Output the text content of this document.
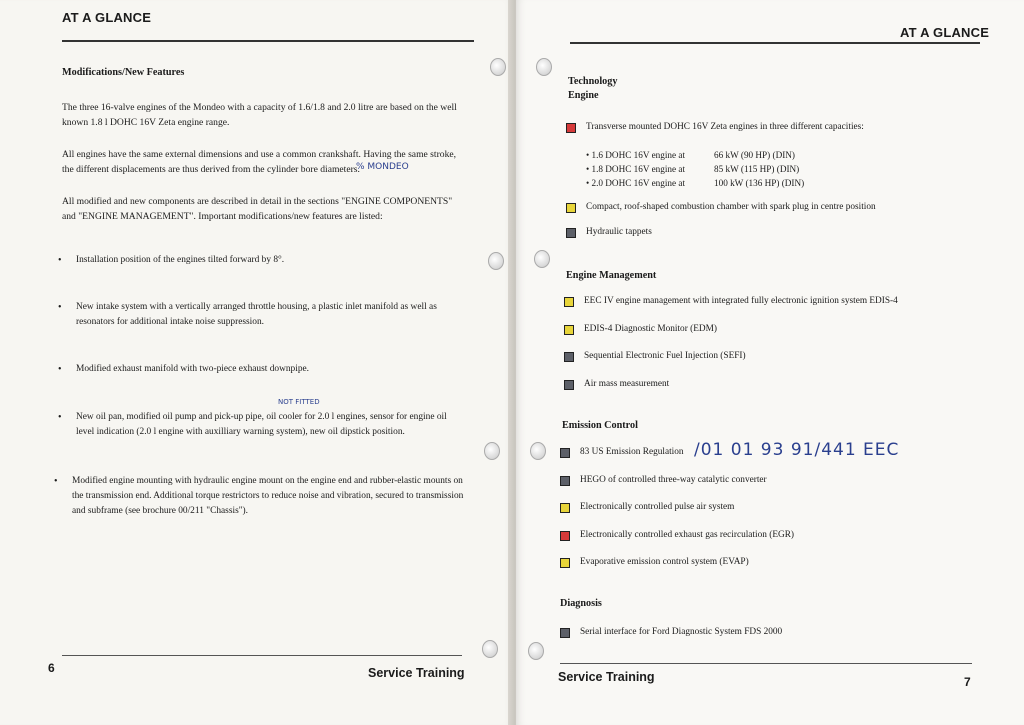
AT A GLANCE
Modifications/New Features
The three 16-valve engines of the Mondeo with a capacity of 1.6/1.8 and 2.0 litre are based on the well known 1.8 l DOHC 16V Zeta engine range.
All engines have the same external dimensions and use a common crankshaft. Having the same stroke, the different displacements are thus derived from the cylinder bore diameters.
% MONDEO
All modified and new components are described in detail in the sections "ENGINE COMPONENTS" and "ENGINE MANAGEMENT". Important modifications/new features are listed:
• Installation position of the engines tilted forward by 8°.
• New intake system with a vertically arranged throttle housing, a plastic inlet manifold as well as resonators for additional intake noise suppression.
• Modified exhaust manifold with two-piece exhaust downpipe.
NOT FITTED
• New oil pan, modified oil pump and pick-up pipe, oil cooler for 2.0 l engines, sensor for engine oil level indication (2.0 l engine with auxilliary warning system), new oil dipstick position.
• Modified engine mounting with hydraulic engine mount on the engine end and rubber-elastic mounts on the transmission end. Additional torque restrictors to reduce noise and vibration, secured to transmission and subframe (see brochure 00/211 "Chassis").
6	Service Training
AT A GLANCE
Technology
Engine
Transverse mounted DOHC 16V Zeta engines in three different capacities:
Compact, roof-shaped combustion chamber with spark plug in centre position
Hydraulic tappets
• 1.6 DOHC 16V engine at	66 kW (90 HP) (DIN)
• 1.8 DOHC 16V engine at	85 kW (115 HP) (DIN)
• 2.0 DOHC 16V engine at	100 kW (136 HP) (DIN)
Engine Management
EEC IV engine management with integrated fully electronic ignition system EDIS-4
EDIS-4 Diagnostic Monitor (EDM)
Sequential Electronic Fuel Injection (SEFI)
Air mass measurement
Emission Control
83 US Emission Regulation
HEGO of controlled three-way catalytic converter
Electronically controlled pulse air system
Electronically controlled exhaust gas recirculation (EGR)
Evaporative emission control system (EVAP)
/01 01 93 91/441 EEC
Diagnosis
Serial interface for Ford Diagnostic System FDS 2000
Service Training	7
